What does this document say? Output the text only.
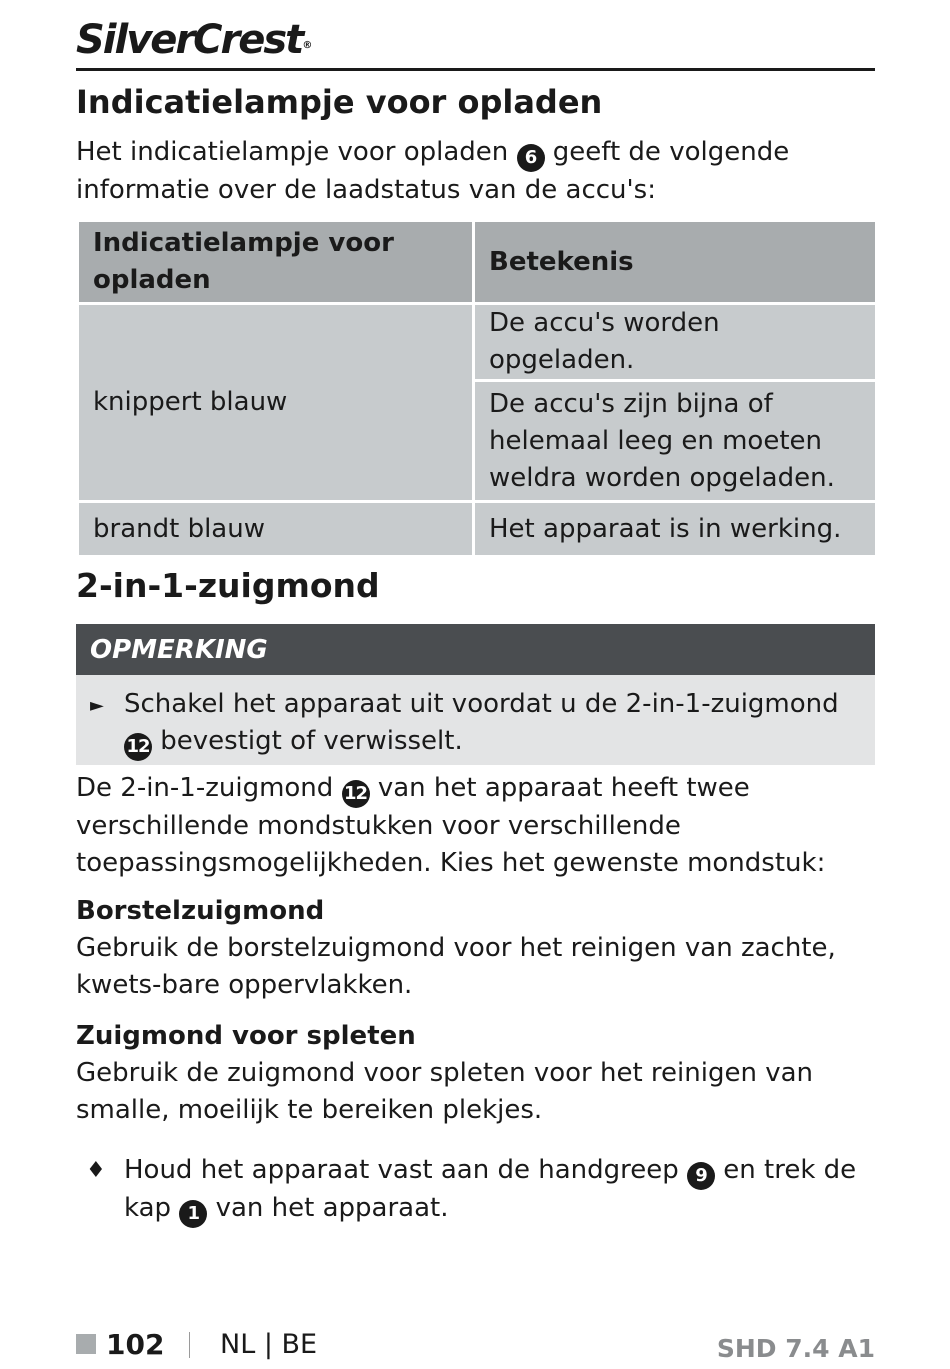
SilverCrest®
Indicatielampje voor opladen
Het indicatielampje voor opladen 6 geeft de volgende informatie over de laadstatus van de accu's:
Indicatielampje voor opladen	Betekenis
knippert blauw	De accu's worden opgeladen.
	De accu's zijn bijna of helemaal leeg en moeten weldra worden opgeladen.
brandt blauw	Het apparaat is in werking.
2-in-1-zuigmond
OPMERKING
► Schakel het apparaat uit voordat u de 2-in-1-zuigmond 12 bevestigt of verwisselt.
De 2-in-1-zuigmond 12 van het apparaat heeft twee verschillende mondstukken voor verschillende toepassingsmogelijkheden. Kies het gewenste mondstuk:
Borstelzuigmond
Gebruik de borstelzuigmond voor het reinigen van zachte, kwets-bare oppervlakken.
Zuigmond voor spleten
Gebruik de zuigmond voor spleten voor het reinigen van smalle, moeilijk te bereiken plekjes.
♦ Houd het apparaat vast aan de handgreep 9 en trek de kap 1 van het apparaat.
102 NL | BE	SHD 7.4 A1
